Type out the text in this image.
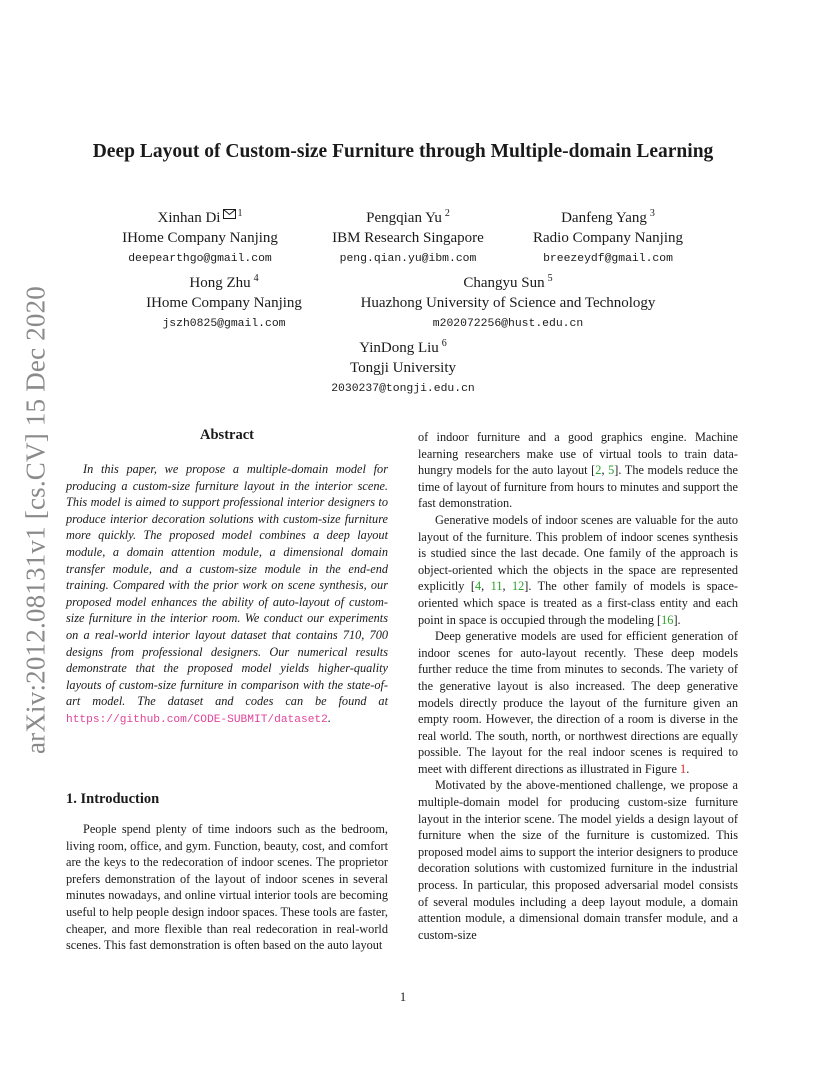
arXiv:2012.08131v1 [cs.CV] 15 Dec 2020
Deep Layout of Custom-size Furniture through Multiple-domain Learning
Xinhan Di $^1$
IHome Company Nanjing
deepearthgo@gmail.com
Pengqian Yu $^2$
IBM Research Singapore
peng.qian.yu@ibm.com
Danfeng Yang $^3$
Radio Company Nanjing
breezeydf@gmail.com
Hong Zhu $^4$
IHome Company Nanjing
jszh0825@gmail.com
Changyu Sun $^5$
Huazhong University of Science and Technology
m202072256@hust.edu.cn
YinDong Liu $^6$
Tongji University
2030237@tongji.edu.cn
Abstract

In this paper, we propose a multiple-domain model for producing a custom-size furniture layout in the interior scene. This model is aimed to support professional interior designers to produce interior decoration solutions with custom-size furniture more quickly. The proposed model combines a deep layout module, a domain attention module, a dimensional domain transfer module, and a custom-size module in the end-end training. Compared with the prior work on scene synthesis, our proposed model enhances the ability of auto-layout of custom-size furniture in the interior room. We conduct our experiments on a real-world interior layout dataset that contains 710, 700 designs from professional designers. Our numerical results demonstrate that the proposed model yields higher-quality layouts of custom-size furniture in comparison with the state-of-art model. The dataset and codes can be found at https://github.com/CODE-SUBMIT/dataset2.

1. Introduction

People spend plenty of time indoors such as the bedroom, living room, office, and gym. Function, beauty, cost, and comfort are the keys to the redecoration of indoor scenes. The proprietor prefers demonstration of the layout of indoor scenes in several minutes nowadays, and online virtual interior tools are becoming useful to help people design indoor spaces. These tools are faster, cheaper, and more flexible than real redecoration in real-world scenes. This fast demonstration is often based on the auto layout

of indoor furniture and a good graphics engine. Machine learning researchers make use of virtual tools to train data-hungry models for the auto layout [2, 5]. The models reduce the time of layout of furniture from hours to minutes and support the fast demonstration.

Generative models of indoor scenes are valuable for the auto layout of the furniture. This problem of indoor scenes synthesis is studied since the last decade. One family of the approach is object-oriented which the objects in the space are represented explicitly [4, 11, 12]. The other family of models is space-oriented which space is treated as a first-class entity and each point in space is occupied through the modeling [16].

Deep generative models are used for efficient generation of indoor scenes for auto-layout recently. These deep models further reduce the time from minutes to seconds. The variety of the generative layout is also increased. The deep generative models directly produce the layout of the furniture given an empty room. However, the direction of a room is diverse in the real world. The south, north, or northwest directions are equally possible. The layout for the real indoor scenes is required to meet with different directions as illustrated in Figure 1.

Motivated by the above-mentioned challenge, we propose a multiple-domain model for producing custom-size furniture layout in the interior scene. The model yields a design layout of furniture when the size of the furniture is customized. This proposed model aims to support the interior designers to produce decoration solutions with customized furniture in the industrial process. In particular, this proposed adversarial model consists of several modules including a deep layout module, a domain attention module, a dimensional domain transfer module, and a custom-size

1
